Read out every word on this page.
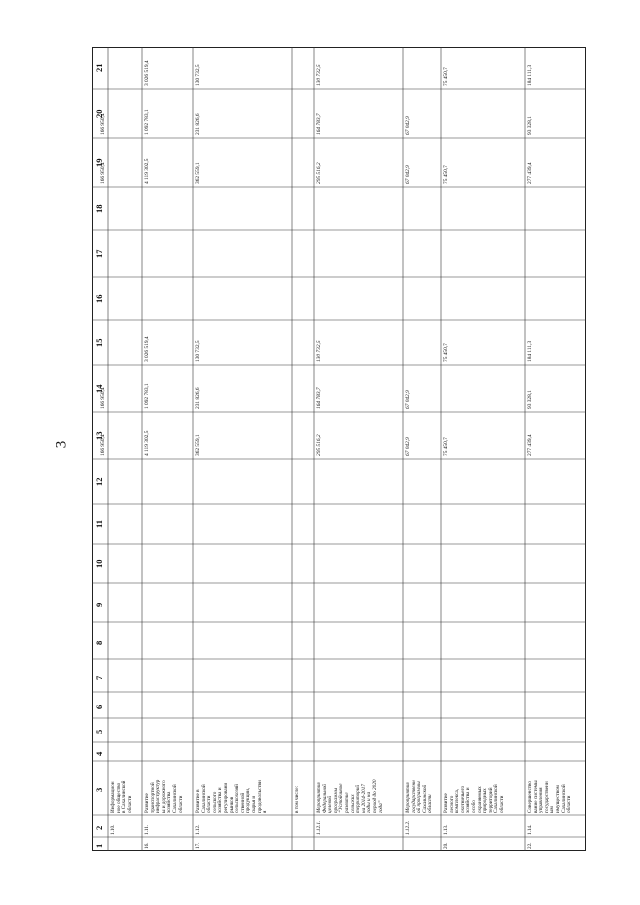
3
1
2
3
4
5
6
7
8
9
10
11
12
13
14
15
16
17
18
19
20
21
166 950,4
166 950,4
166 950,4
166 950,4
1.10.
Информацион ное общество в Сахалинской области
16.
1.11.
Развитие транспортной инфраструктур ы и дорожного хозяйства Сахалинской области
4 119 302,5
1 092 783,1
3 026 519,4
4 119 302,5
1 092 783,1
3 026 519,4
17.
1.12.
Развитие в Сахалинской области сельского хозяйства и регулировани рынков сельскохозяй ственной продукции, сырья и продовольстви я
362 559,1
231 826,6
130 732,5
362 559,1
231 826,6
130 732,5
в том числе:
1.12.1.
Мероприятия Федеральной целевой программы “Устойчивое развитие сельских территорий на 2014-2017 годы и на период до 2020 года”
295 516,2
164 783,7
130 732,5
295 516,2
164 783,7
130 732,5
1.12.2.
Мероприятия государственн ой программы Сахалинской области
67 042,9
67 042,9
67 042,9
67 042,9
20.
1.13.
Развитие лесного комплекса, охотничьего хозяйства и особо охраняемых природных территорий Сахалинской области
75 450,7
75 450,7
75 450,7
75 450,7
22.
1.14.
Совершенство вание системы управления государственн ым имуществом Сахалинской области
277 439,4
93 328,1
184 111,3
277 439,4
93 328,1
184 111,3
